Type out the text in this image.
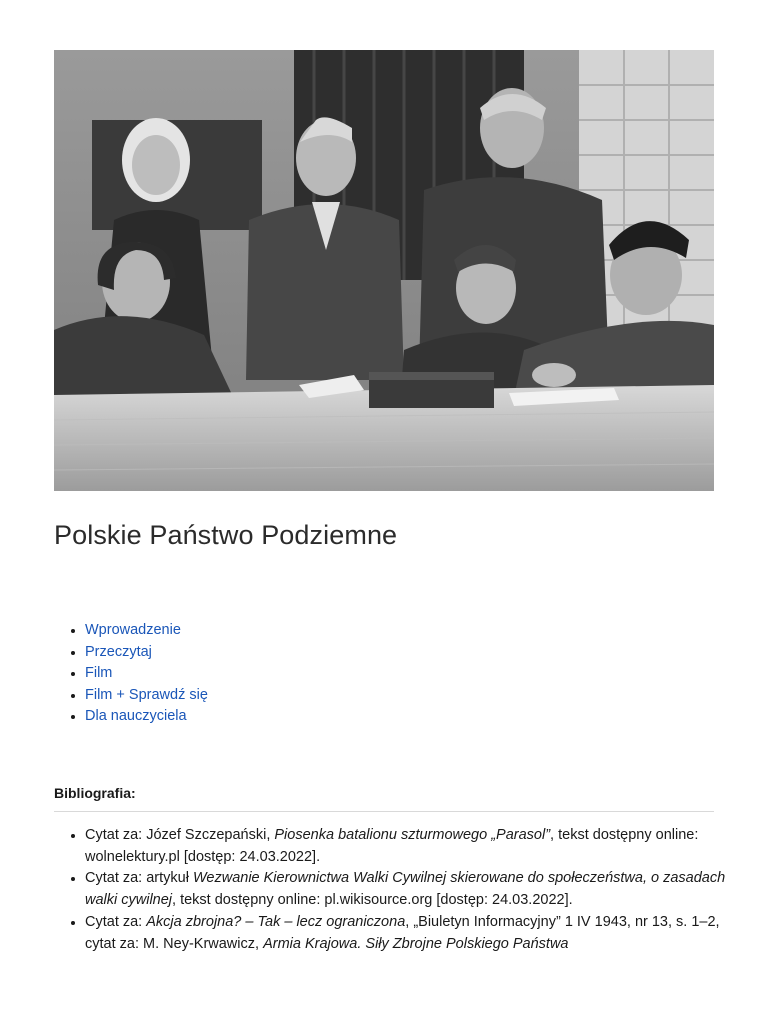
Polskie Państwo Podziemne
• Wprowadzenie
• Przeczytaj
• Film
• Film + Sprawdź się
• Dla nauczyciela
Bibliografia:
• Cytat za: Józef Szczepański, Piosenka batalionu szturmowego „Parasol”, tekst dostępny online: wolnelektury.pl [dostęp: 24.03.2022].
• Cytat za: artykuł Wezwanie Kierownictwa Walki Cywilnej skierowane do społeczeństwa, o zasadach walki cywilnej, tekst dostępny online: pl.wikisource.org [dostęp: 24.03.2022].
• Cytat za: Akcja zbrojna? – Tak – lecz ograniczona, „Biuletyn Informacyjny” 1 IV 1943, nr 13, s. 1–2, cytat za: M. Ney-Krwawicz, Armia Krajowa. Siły Zbrojne Polskiego Państwa
